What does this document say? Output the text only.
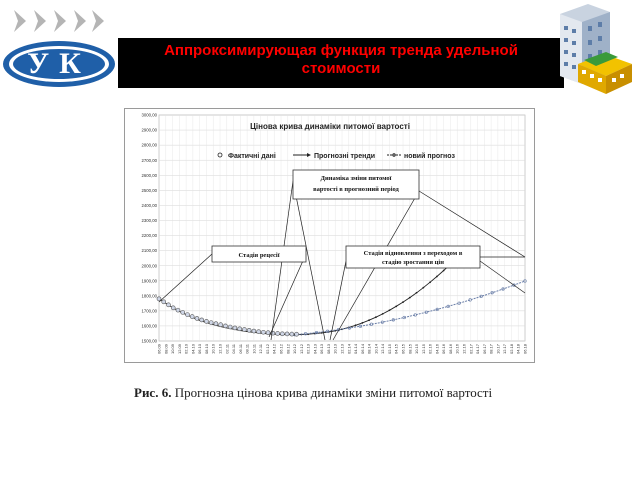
УК	Аппроксимирующая функция тренда удельной
стоимости
3000,00
2900,00
2800,00
2700,00
2600,00
2500,00
2400,00
2300,00
2200,00
2100,00
2000,00
1900,00
1800,00
1700,00
1600,00
1500,00
06.09 08.09 10.09 12.09 02.10 04.10 06.10 08.10 10.10 12.10 02.11 04.11 06.11 08.11 10.11 12.11 02.12 04.12 06.12 08.12 10.12 12.12 02.13 04.13 06.13 08.13 10.13 12.13 02.14 04.14 06.14 08.14 10.14 12.14 02.15 04.15 06.15 08.15 10.15 12.15 02.16 04.16 06.16 08.16 10.16 12.16 02.17 04.17 06.17 08.17 10.17 12.17 02.18 04.18 06.18
Цінова крива динаміки питомої вартості
Фактичні дані	Прогнозні тренди	новий прогноз
Динаміка зміни питомої
вартості в прогнозний період
Стадія рецесії	Стадія відновлення з переходом в
стадію зростання цін
Рис. 6. Прогнозна цінова крива динаміки зміни питомої вартості
